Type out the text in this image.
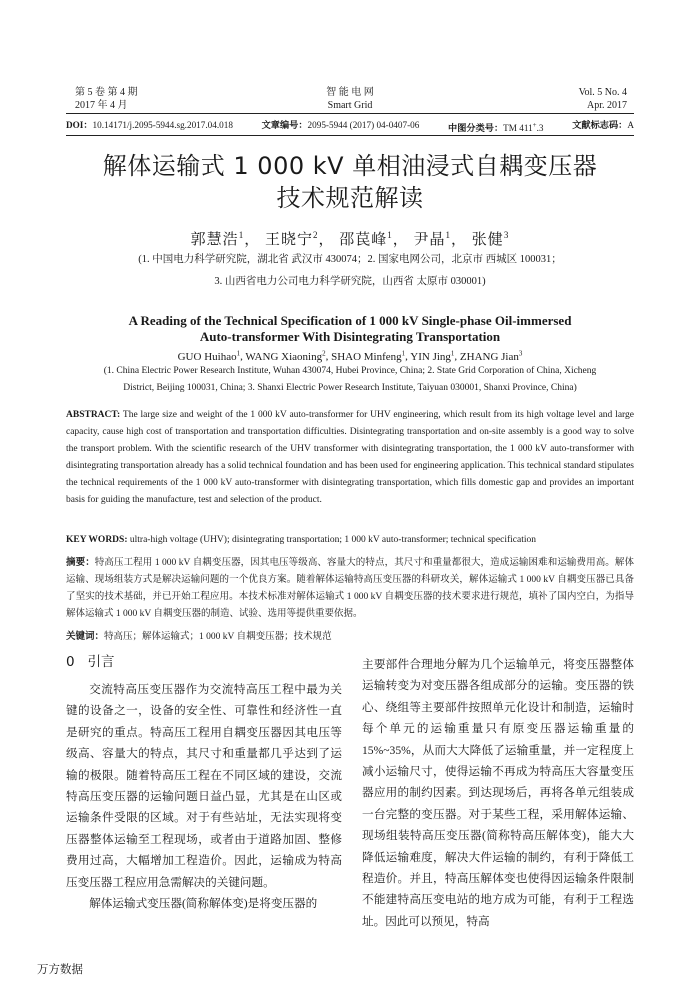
第 5 卷 第 4 期
2017 年 4 月
智 能 电 网
Smart Grid
Vol. 5 No. 4
Apr. 2017
DOI：10.14171/j.2095-5944.sg.2017.04.018	文章编号：2095-5944 (2017) 04-0407-06	中图分类号：TM 411+.3	文献标志码：A
解体运输式 1 000 kV 单相油浸式自耦变压器
技术规范解读
郭慧浩$^1$， 王晓宁$^2$， 邵苠峰$^1$， 尹晶$^1$， 张健$^3$
(1. 中国电力科学研究院，湖北省 武汉市 430074；2. 国家电网公司，北京市 西城区 100031；
3. 山西省电力公司电力科学研究院，山西省 太原市 030001)
A Reading of the Technical Specification of 1 000 kV Single-phase Oil-immersed
Auto-transformer With Disintegrating Transportation
GUO Huihao$^1$, WANG Xiaoning$^2$, SHAO Minfeng$^1$, YIN Jing$^1$, ZHANG Jian$^3$
(1. China Electric Power Research Institute, Wuhan 430074, Hubei Province, China; 2. State Grid Corporation of China, Xicheng
District, Beijing 100031, China; 3. Shanxi Electric Power Research Institute, Taiyuan 030001, Shanxi Province, China)
ABSTRACT: The large size and weight of the 1 000 kV auto-transformer for UHV engineering, which result from its high voltage level and large capacity, cause high cost of transportation and transportation difficulties. Disintegrating transportation and on-site assembly is a good way to solve the transport problem. With the scientific research of the UHV transformer with disintegrating transportation, the 1 000 kV auto-transformer with disintegrating transportation already has a solid technical foundation and has been used for engineering application. This technical standard stipulates the technical requirements of the 1 000 kV auto-transformer with disintegrating transportation, which fills domestic gap and provides an important basis for guiding the manufacture, test and selection of the product.
KEY WORDS: ultra-high voltage (UHV); disintegrating transportation; 1 000 kV auto-transformer; technical specification
摘要：特高压工程用 1 000 kV 自耦变压器，因其电压等级高、容量大的特点，其尺寸和重量都很大，造成运输困难和运输费用高。解体运输、现场组装方式是解决运输问题的一个优良方案。随着解体运输特高压变压器的科研攻关，解体运输式 1 000 kV 自耦变压器已具备了坚实的技术基础，并已开始工程应用。本技术标准对解体运输式 1 000 kV 自耦变压器的技术要求进行规范，填补了国内空白，为指导解体运输式 1 000 kV 自耦变压器的制造、试验、选用等提供重要依据。
关键词：特高压；解体运输式；1 000 kV 自耦变压器；技术规范
0 引言

交流特高压变压器作为交流特高压工程中最为关键的设备之一，设备的安全性、可靠性和经济性一直是研究的重点。特高压工程用自耦变压器因其电压等级高、容量大的特点，其尺寸和重量都几乎达到了运输的极限。随着特高压工程在不同区域的建设，交流特高压变压器的运输问题日益凸显，尤其是在山区或运输条件受限的区域。对于有些站址，无法实现将变压器整体运输至工程现场，或者由于道路加固、整修费用过高，大幅增加工程造价。因此，运输成为特高压变压器工程应用急需解决的关键问题。

解体运输式变压器(简称解体变)是将变压器的

主要部件合理地分解为几个运输单元，将变压器整体运输转变为对变压器各组成部分的运输。变压器的铁心、绕组等主要部件按照单元化设计和制造，运输时每个单元的运输重量只有原变压器运输重量的 15%~35%，从而大大降低了运输重量，并一定程度上减小运输尺寸，使得运输不再成为特高压大容量变压器应用的制约因素。到达现场后，再将各单元组装成一台完整的变压器。对于某些工程，采用解体运输、现场组装特高压变压器(简称特高压解体变)，能大大降低运输难度，解决大件运输的制约，有利于降低工程造价。并且，特高压解体变也使得因运输条件限制不能建特高压变电站的地方成为可能，有利于工程选址。因此可以预见，特高

万方数据
